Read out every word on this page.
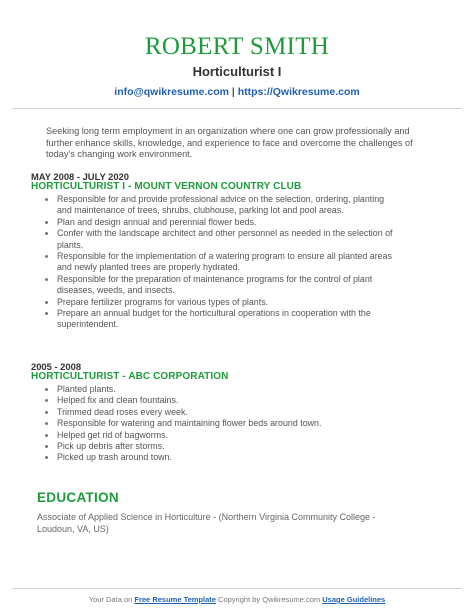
ROBERT SMITH
Horticulturist I
info@qwikresume.com | https://Qwikresume.com
Seeking long term employment in an organization where one can grow professionally and further enhance skills, knowledge, and experience to face and overcome the challenges of today's changing work environment.
MAY 2008 - JULY 2020
HORTICULTURIST I - MOUNT VERNON COUNTRY CLUB
Responsible for and provide professional advice on the selection, ordering, planting and maintenance of trees, shrubs, clubhouse, parking lot and pool areas.
Plan and design annual and perennial flower beds.
Confer with the landscape architect and other personnel as needed in the selection of plants.
Responsible for the implementation of a watering program to ensure all planted areas and newly planted trees are properly hydrated.
Responsible for the preparation of maintenance programs for the control of plant diseases, weeds, and insects.
Prepare fertilizer programs for various types of plants.
Prepare an annual budget for the horticultural operations in cooperation with the superintendent.
2005 - 2008
HORTICULTURIST - ABC CORPORATION
Planted plants.
Helped fix and clean fountains.
Trimmed dead roses every week.
Responsible for watering and maintaining flower beds around town.
Helped get rid of bagworms.
Pick up debris after storms.
Picked up trash around town.
EDUCATION
Associate of Applied Science in Horticulture - (Northern Virginia Community College - Loudoun, VA, US)
Your Data on Free Resume Template Copyright by Qwikresume.com Usage Guidelines
